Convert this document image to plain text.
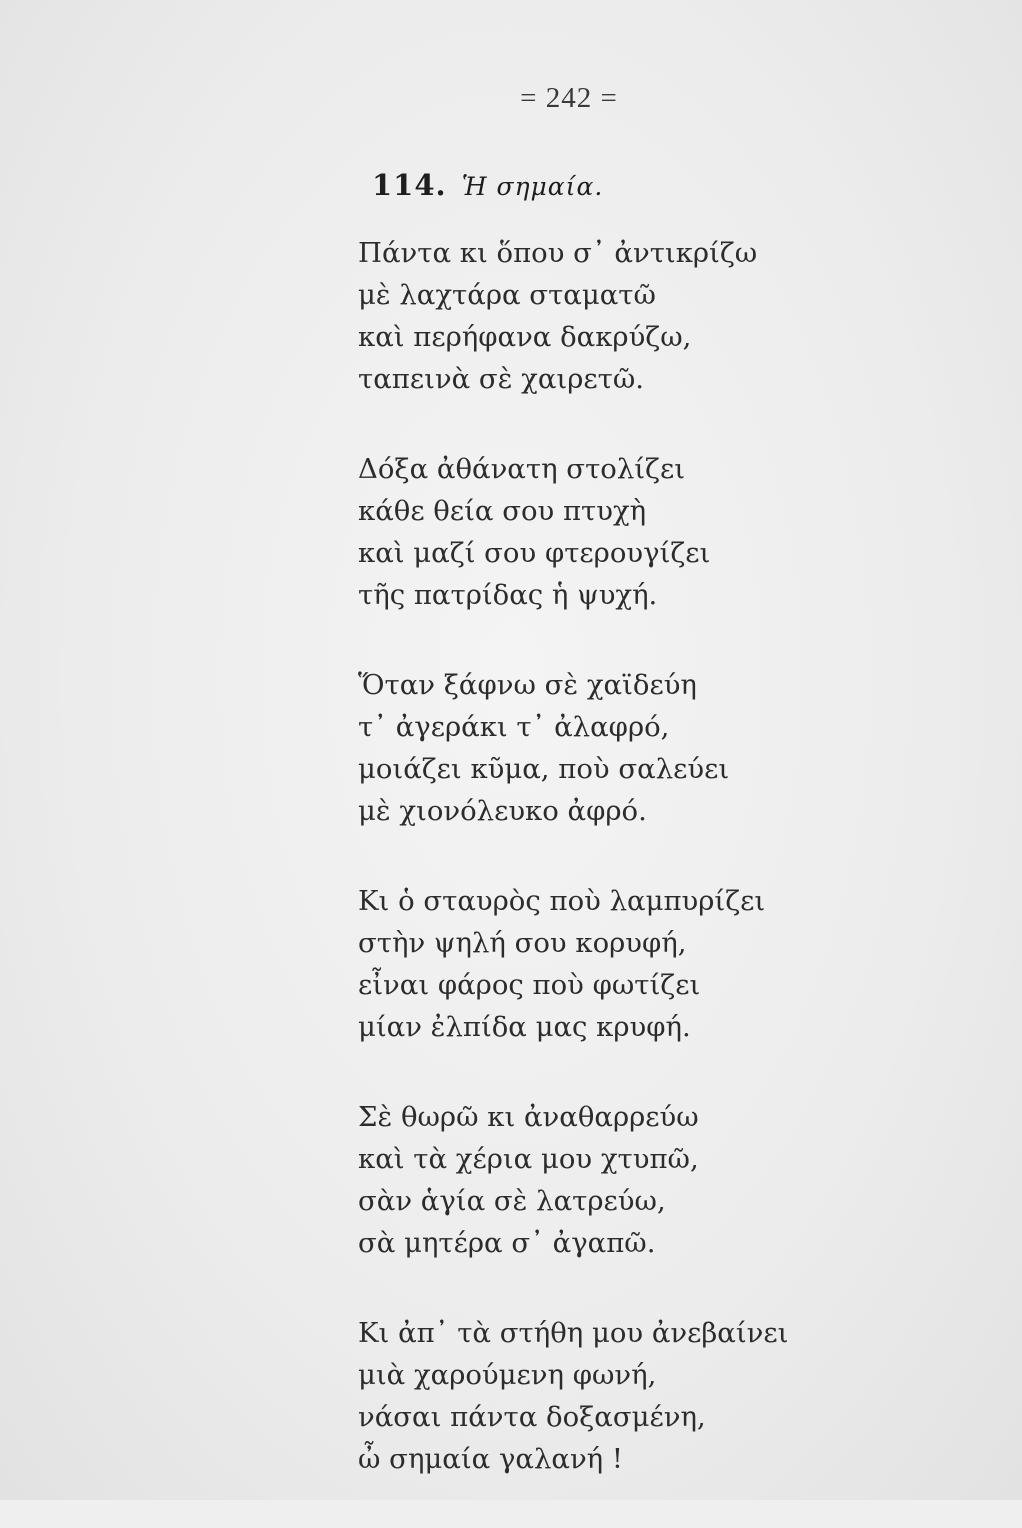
= 242 =
114. Ἡ σημαία.
Πάντα κι ὅπου σ᾽ ἀντικρίζω
μὲ λαχτάρα σταματῶ
καὶ περήφανα δακρύζω,
ταπεινὰ σὲ χαιρετῶ.
Δόξα ἀθάνατη στολίζει
κάθε θεία σου πτυχὴ
καὶ μαζί σου φτερουγίζει
τῆς πατρίδας ἡ ψυχή.
Ὅταν ξάφνω σὲ χαϊδεύη
τ᾽ ἀγεράκι τ᾽ ἀλαφρό,
μοιάζει κῦμα, ποὺ σαλεύει
μὲ χιονόλευκο ἀφρό.
Κι ὁ σταυρὸς ποὺ λαμπυρίζει
στὴν ψηλή σου κορυφή,
εἶναι φάρος ποὺ φωτίζει
μίαν ἐλπίδα μας κρυφή.
Σὲ θωρῶ κι ἀναθαρρεύω
καὶ τὰ χέρια μου χτυπῶ,
σὰν ἁγία σὲ λατρεύω,
σὰ μητέρα σ᾽ ἀγαπῶ.
Κι ἀπ᾽ τὰ στήθη μου ἀνεβαίνει
μιὰ χαρούμενη φωνή,
νάσαι πάντα δοξασμένη,
ὦ σημαία γαλανή !
